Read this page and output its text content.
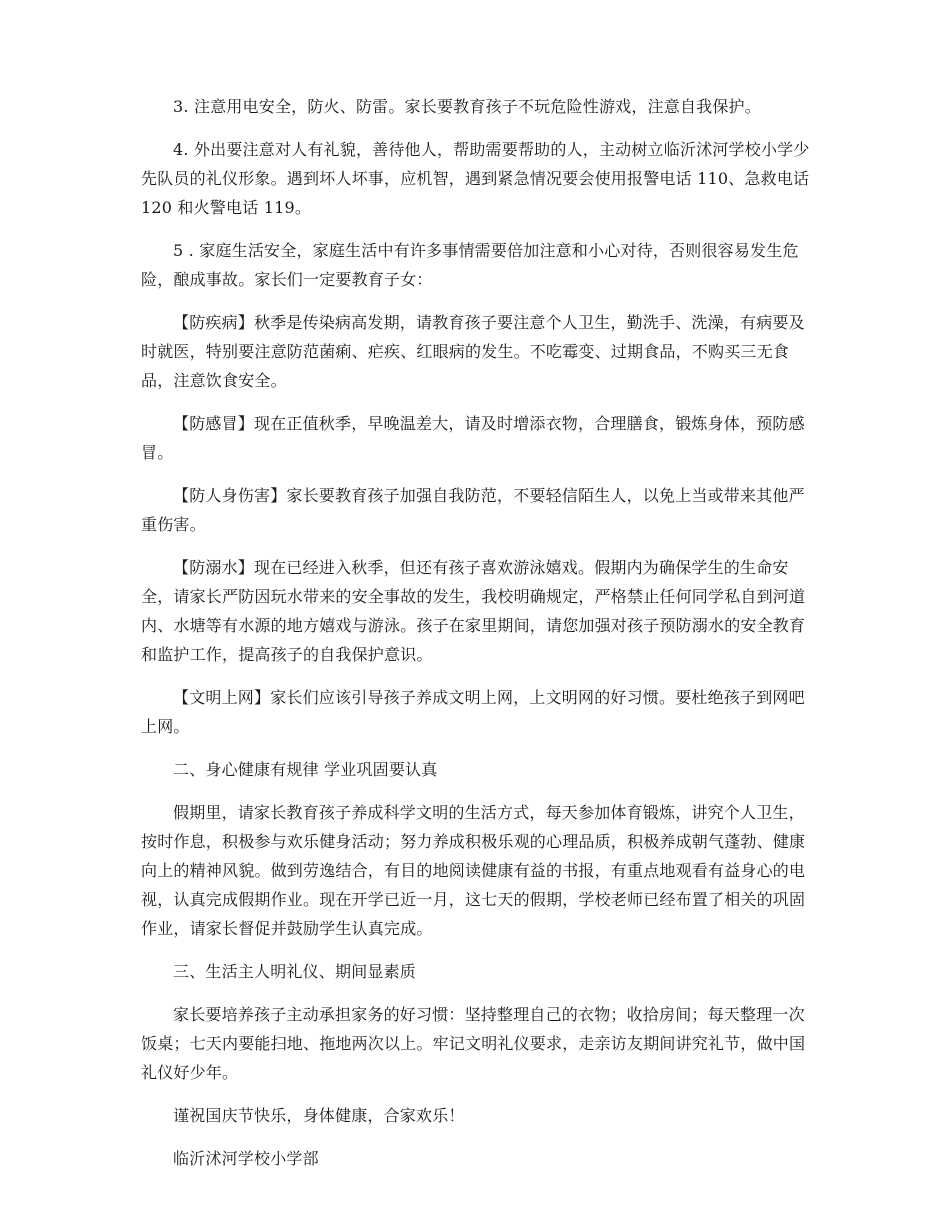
3. 注意用电安全，防火、防雷。家长要教育孩子不玩危险性游戏，注意自我保护。

4. 外出要注意对人有礼貌，善待他人，帮助需要帮助的人，主动树立临沂沭河学校小学少先队员的礼仪形象。遇到坏人坏事，应机智，遇到紧急情况要会使用报警电话 110、急救电话 120 和火警电话 119。

5 . 家庭生活安全，家庭生活中有许多事情需要倍加注意和小心对待，否则很容易发生危险，酿成事故。家长们一定要教育子女：

【防疾病】秋季是传染病高发期，请教育孩子要注意个人卫生，勤洗手、洗澡，有病要及时就医，特别要注意防范菌痢、疟疾、红眼病的发生。不吃霉变、过期食品，不购买三无食品，注意饮食安全。

【防感冒】现在正值秋季，早晚温差大，请及时增添衣物，合理膳食，锻炼身体，预防感冒。

【防人身伤害】家长要教育孩子加强自我防范，不要轻信陌生人，以免上当或带来其他严重伤害。

【防溺水】现在已经进入秋季，但还有孩子喜欢游泳嬉戏。假期内为确保学生的生命安全，请家长严防因玩水带来的安全事故的发生，我校明确规定，严格禁止任何同学私自到河道内、水塘等有水源的地方嬉戏与游泳。孩子在家里期间，请您加强对孩子预防溺水的安全教育和监护工作，提高孩子的自我保护意识。

【文明上网】家长们应该引导孩子养成文明上网，上文明网的好习惯。要杜绝孩子到网吧上网。

二、身心健康有规律 学业巩固要认真

假期里，请家长教育孩子养成科学文明的生活方式，每天参加体育锻炼，讲究个人卫生，按时作息，积极参与欢乐健身活动；努力养成积极乐观的心理品质，积极养成朝气蓬勃、健康向上的精神风貌。做到劳逸结合，有目的地阅读健康有益的书报，有重点地观看有益身心的电视，认真完成假期作业。现在开学已近一月，这七天的假期，学校老师已经布置了相关的巩固作业，请家长督促并鼓励学生认真完成。

三、生活主人明礼仪、期间显素质

家长要培养孩子主动承担家务的好习惯：坚持整理自己的衣物；收拾房间；每天整理一次饭桌；七天内要能扫地、拖地两次以上。牢记文明礼仪要求，走亲访友期间讲究礼节，做中国礼仪好少年。

谨祝国庆节快乐，身体健康，合家欢乐！

临沂沭河学校小学部
